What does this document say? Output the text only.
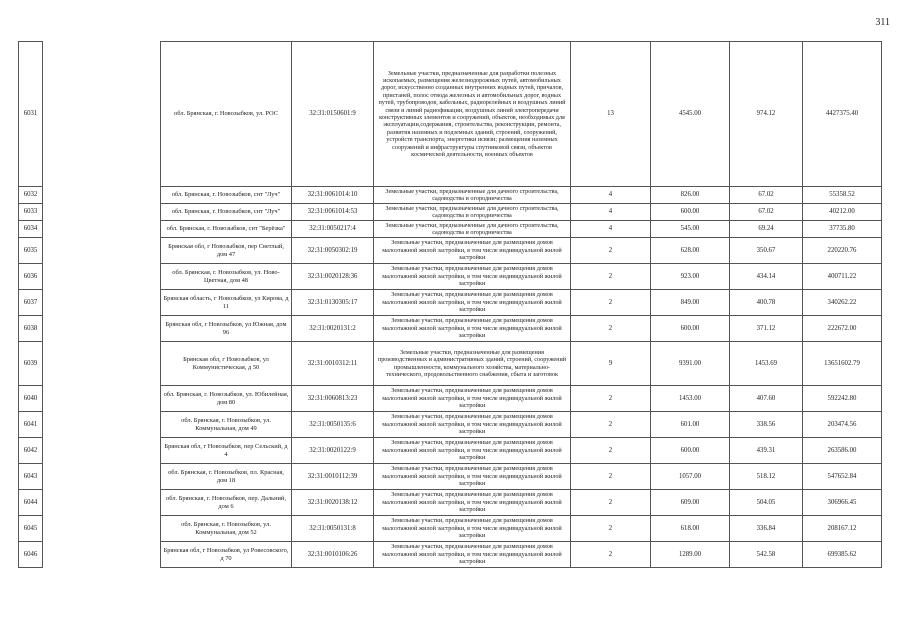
311
6031		обл. Брянская, г. Новозыбков, ул. РОС	32:31:0150601:9	Земельные участки, предназначенные для разработки полезных ископаемых, размещения железнодорожных путей, автомобильных дорог, искусственно созданных внутренних водных путей, причалов, пристаней, полос отвода железных и автомобильных дорог, водных путей, трубопроводов, кабельных, радиорелейных и воздушных линий связи и линий радиофикации, воздушных линий электропередачи конструктивных элементов и сооружений, объектов, необходимых для эксплуатации,содержания, строительства, реконструкции, ремонта, развития наземных и подземных зданий, строений, сооружений, устройств транспорта, энергетики исвязи; размещения наземных сооружений и инфраструктуры спутниковой связи, объектов космической деятельности, военных объектов	13	4545.00	974.12	4427375.40
6032		обл. Брянская, г. Новозыбков, снт "Луч"	32:31:0061014:10	Земельные участки, предназначенные для дачного строительства, садоводства и огородничества	4	826.00	67.02	55358.52
6033		обл. Брянская, г. Новозыбков, снт "Луч"	32:31:0061014:53	Земельные участки, предназначенные для дачного строительства, садоводства и огородничества	4	600.00	67.02	40212.00
6034		обл. Брянская, г. Новозыбков, снт "Берёзка"	32:31:0050217:4	Земельные участки, предназначенные для дачного строительства, садоводства и огородничества	4	545.00	69.24	37735.80
6035		Брянская обл, г Новозыбков, пер Светлый, дом 47	32:31:0050302:19	Земельные участки, предназначенные для размещения домов малоэтажной жилой застройки, в том числе индивидуальной жилой застройки	2	628.00	350.67	220220.76
6036		обл. Брянская, г. Новозыбков, ул. Ново-Цветная, дом 48	32:31:0020128:36	Земельные участки, предназначенные для размещения домов малоэтажной жилой застройки, в том числе индивидуальной жилой застройки	2	923.00	434.14	400711.22
6037		Брянская область, г Новозыбков, ул Кирова, д 11	32:31:0130305:17	Земельные участки, предназначенные для размещения домов малоэтажной жилой застройки, в том числе индивидуальной жилой застройки	2	849.00	400.78	340262.22
6038		Брянская обл, г Новозыбков, ул Южная, дом 96	32:31:0020131:2	Земельные участки, предназначенные для размещения домов малоэтажной жилой застройки, в том числе индивидуальной жилой застройки	2	600.00	371.12	222672.00
6039		Брянская обл, г Новозыбков, ул Коммунистическая, д 50	32:31:0010312:11	Земельные участки, предназначенные для размещения производственных и административных зданий, строений, сооружений промышленности, коммунального хозяйства, материально-технического, продовольственного снабжения, сбыта и заготовок	9	9391.00	1453.69	13651602.79
6040		обл. Брянская, г. Новозыбков, ул. Юбилейная, дом 80	32:31:0060813:23	Земельные участки, предназначенные для размещения домов малоэтажной жилой застройки, в том числе индивидуальной жилой застройки	2	1453.00	407.60	592242.80
6041		обл. Брянская, г. Новозыбков, ул. Коммунальная, дом 49	32:31:0050135:6	Земельные участки, предназначенные для размещения домов малоэтажной жилой застройки, в том числе индивидуальной жилой застройки	2	601.00	338.56	203474.56
6042		Брянская обл, г Новозыбков, пер Сельский, д 4	32:31:0020122:9	Земельные участки, предназначенные для размещения домов малоэтажной жилой застройки, в том числе индивидуальной жилой застройки	2	600.00	439.31	263586.00
6043		обл. Брянская, г. Новозыбков, пл. Красная, дом 18	32:31:0010112:39	Земельные участки, предназначенные для размещения домов малоэтажной жилой застройки, в том числе индивидуальной жилой застройки	2	1057.00	518.12	547652.84
6044		обл. Брянская, г. Новозыбков, пер. Дальний, дом 6	32:31:0020138:12	Земельные участки, предназначенные для размещения домов малоэтажной жилой застройки, в том числе индивидуальной жилой застройки	2	609.00	504.05	306966.45
6045		обл. Брянская, г. Новозыбков, ул. Коммунальная, дом 52	32:31:0050131:8	Земельные участки, предназначенные для размещения домов малоэтажной жилой застройки, в том числе индивидуальной жилой застройки	2	618.00	336.84	208167.12
6046		Брянская обл, г Новозыбков, ул Ровесовского, д 70	32:31:0010106:26	Земельные участки, предназначенные для размещения домов малоэтажной жилой застройки, в том числе индивидуальной жилой застройки	2	1289.00	542.58	699385.62
